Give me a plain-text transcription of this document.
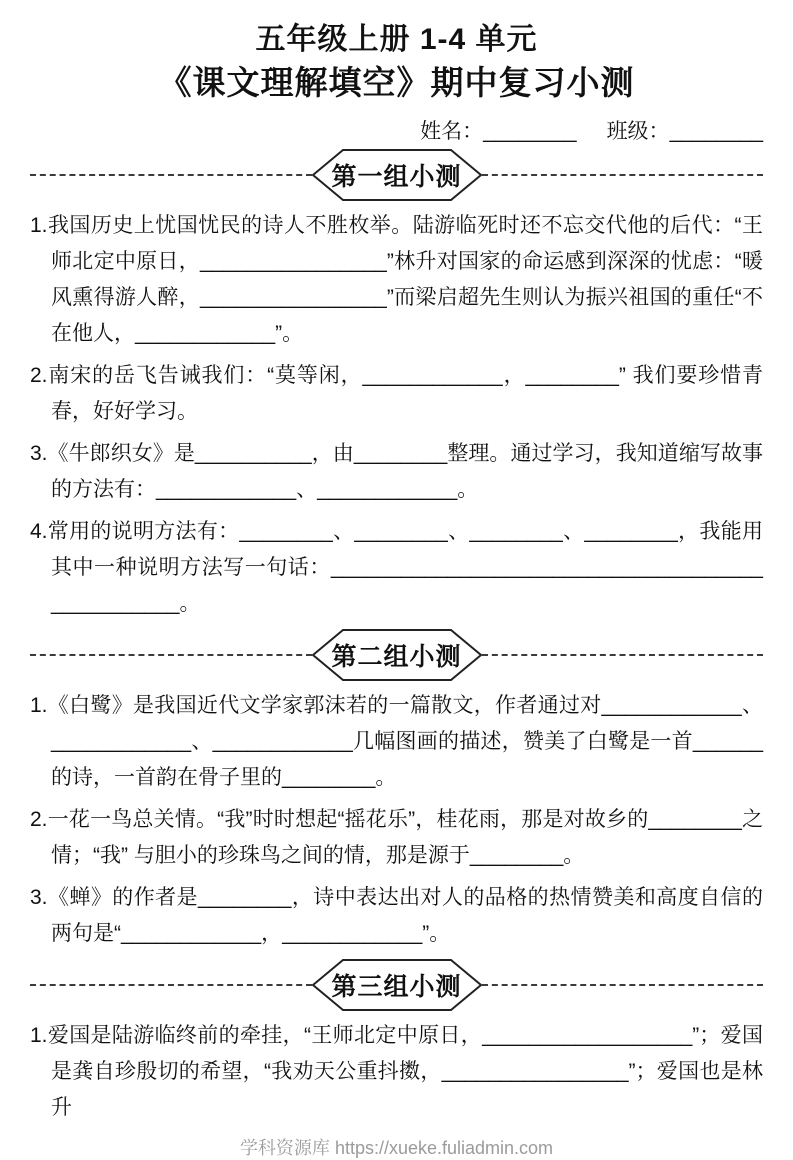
五年级上册 1-4 单元
《课文理解填空》期中复习小测
姓名：________ 班级：________
第一组小测

1.我国历史上忧国忧民的诗人不胜枚举。陆游临死时还不忘交代他的后代：“王师北定中原日，________________”林升对国家的命运感到深深的忧虑：“暖风熏得游人醉，________________”而梁启超先生则认为振兴祖国的重任“不在他人，____________”。

2.南宋的岳飞告诫我们：“莫等闲，____________，________” 我们要珍惜青春，好好学习。

3.《牛郎织女》是__________，由________整理。通过学习，我知道缩写故事的方法有：____________、____________。

4.常用的说明方法有：________、________、________、________，我能用其中一种说明方法写一句话：____________________________________​____________。

第二组小测

1.《白鹭》是我国近代文学家郭沫若的一篇散文，作者通过对____________、____________、____________几幅图画的描述，赞美了白鹭是一首______的诗，一首韵在骨子里的________。

2.一花一鸟总关情。“我”时时想起“摇花乐”，桂花雨，那是对故乡的________之情；“我” 与胆小的珍珠鸟之间的情，那是源于________。

3.《蝉》的作者是________，诗中表达出对人的品格的热情赞美和高度自信的两句是“____________，____________”。

第三组小测

1.爱国是陆游临终前的牵挂，“王师北定中原日，__________________”；爱国是龚自珍殷切的希望，“我劝天公重抖擞，________________”；爱国也是林升

学科资源库 https://xueke.fuliadmin.com
